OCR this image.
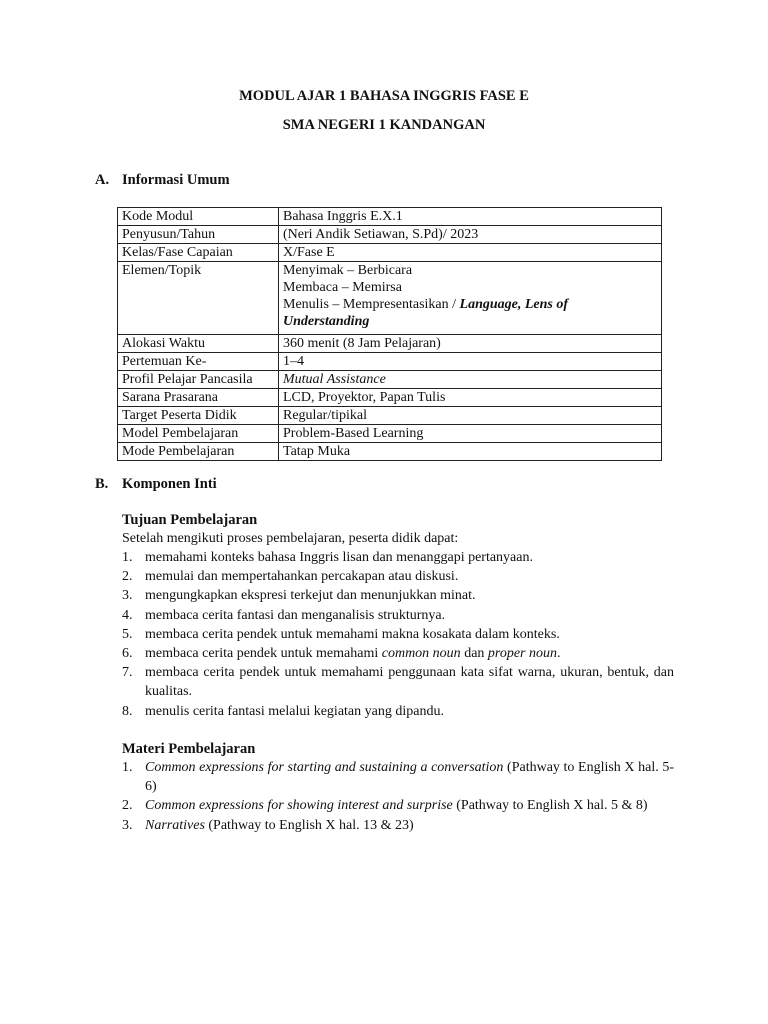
MODUL AJAR 1 BAHASA INGGRIS FASE E
SMA NEGERI 1 KANDANGAN
A. Informasi Umum
Kode Modul	Bahasa Inggris E.X.1
Penyusun/Tahun	(Neri Andik Setiawan, S.Pd)/ 2023
Kelas/Fase Capaian	X/Fase E
Elemen/Topik	Menyimak – Berbicara
Membaca – Memirsa
Menulis – Mempresentasikan / Language, Lens of Understanding

Alokasi Waktu	360 menit (8 Jam Pelajaran)
Pertemuan Ke-	1–4
Profil Pelajar Pancasila	Mutual Assistance
Sarana Prasarana	LCD, Proyektor, Papan Tulis
Target Peserta Didik	Regular/tipikal
Model Pembelajaran	Problem-Based Learning
Mode Pembelajaran	Tatap Muka
B. Komponen Inti
Tujuan Pembelajaran
Setelah mengikuti proses pembelajaran, peserta didik dapat:
1. memahami konteks bahasa Inggris lisan dan menanggapi pertanyaan.
2. memulai dan mempertahankan percakapan atau diskusi.
3. mengungkapkan ekspresi terkejut dan menunjukkan minat.
4. membaca cerita fantasi dan menganalisis strukturnya.
5. membaca cerita pendek untuk memahami makna kosakata dalam konteks.
6. membaca cerita pendek untuk memahami common noun dan proper noun.
7. membaca cerita pendek untuk memahami penggunaan kata sifat warna, ukuran, bentuk, dan kualitas.
8. menulis cerita fantasi melalui kegiatan yang dipandu.
Materi Pembelajaran
1. Common expressions for starting and sustaining a conversation (Pathway to English X hal. 5-6)
2. Common expressions for showing interest and surprise (Pathway to English X hal. 5 & 8)
3. Narratives (Pathway to English X hal. 13 & 23)
